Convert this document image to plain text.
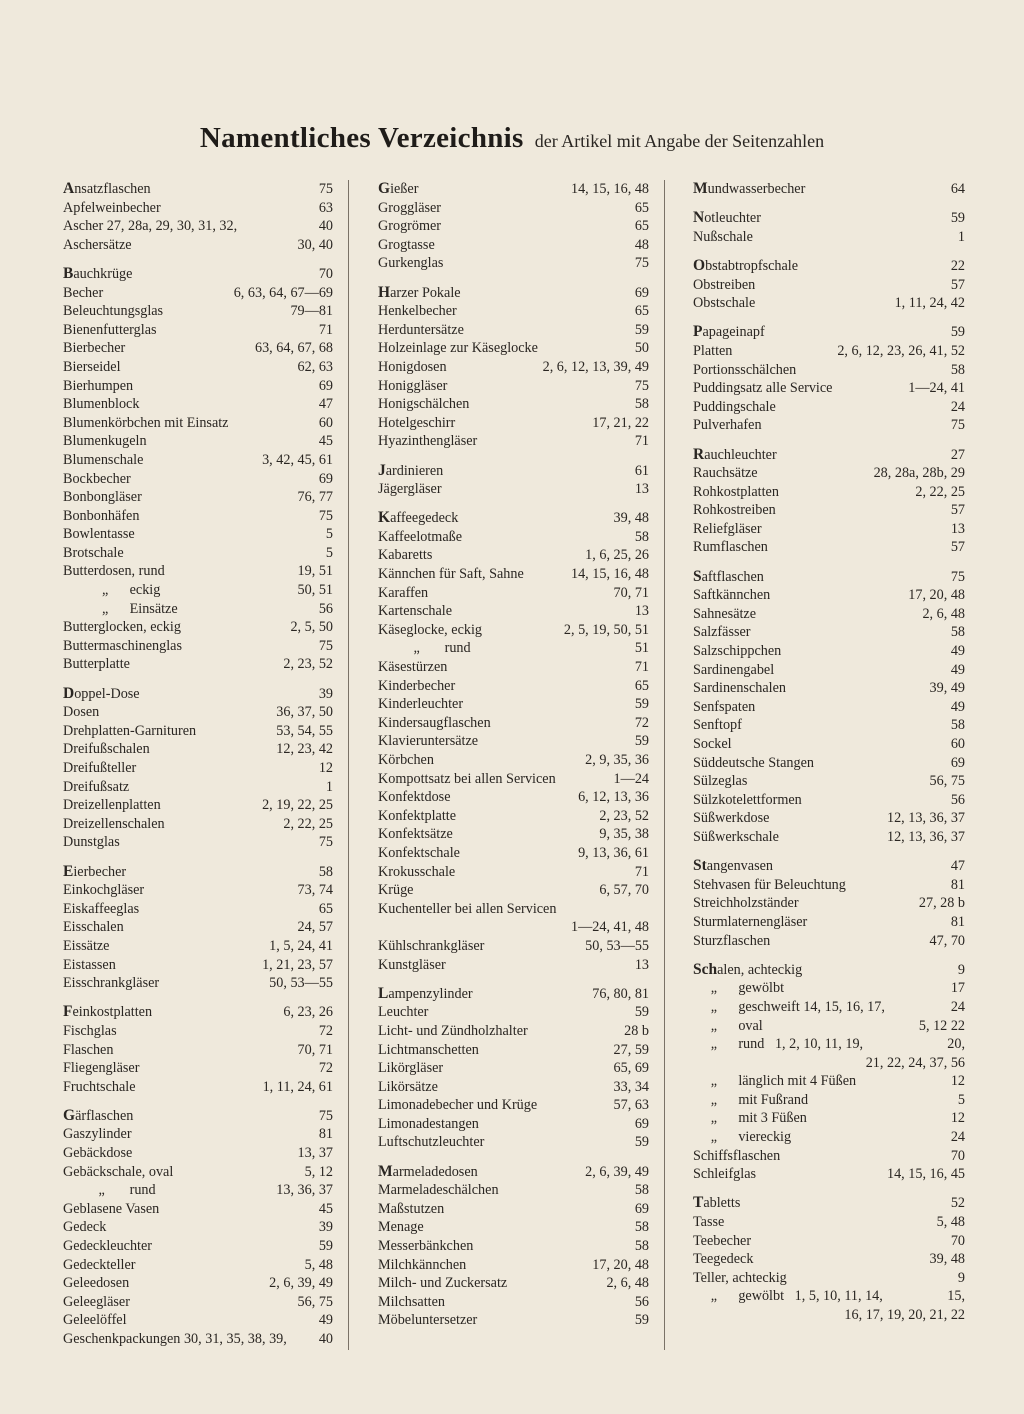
Namentliches Verzeichnis der Artikel mit Angabe der Seitenzahlen
Ansatzflaschen	75
Apfelweinbecher	63
Ascher 27, 28a, 29, 30, 31, 32,	40
Aschersätze	30, 40
Bauchkrüge	70
Becher	6, 63, 64, 67—69
Beleuchtungsglas	79—81
Bienenfutterglas	71
Bierbecher	63, 64, 67, 68
Bierseidel	62, 63
Bierhumpen	69
Blumenblock	47
Blumenkörbchen mit Einsatz	60
Blumenkugeln	45
Blumenschale	3, 42, 45, 61
Bockbecher	69
Bonbongläser	76, 77
Bonbonhäfen	75
Bowlentasse	5
Brotschale	5
Butterdosen, rund	19, 51
„      eckig	50, 51
„      Einsätze	56
Butterglocken, eckig	2, 5, 50
Buttermaschinenglas	75
Butterplatte	2, 23, 52
Doppel-Dose	39
Dosen	36, 37, 50
Drehplatten-Garnituren	53, 54, 55
Dreifußschalen	12, 23, 42
Dreifußteller	12
Dreifußsatz	1
Dreizellenplatten	2, 19, 22, 25
Dreizellenschalen	2, 22, 25
Dunstglas	75
Eierbecher	58
Einkochgläser	73, 74
Eiskaffeeglas	65
Eisschalen	24, 57
Eissätze	1, 5, 24, 41
Eistassen	1, 21, 23, 57
Eisschrankgläser	50, 53—55
Feinkostplatten	6, 23, 26
Fischglas	72
Flaschen	70, 71
Fliegengläser	72
Fruchtschale	1, 11, 24, 61
Gärflaschen	75
Gaszylinder	81
Gebäckdose	13, 37
Gebäckschale, oval	5, 12
„       rund	13, 36, 37
Geblasene Vasen	45
Gedeck	39
Gedeckleuchter	59
Gedeckteller	5, 48
Geleedosen	2, 6, 39, 49
Geleegläser	56, 75
Geleelöffel	49
Geschenkpackungen 30, 31, 35, 38, 39, 40
Gießer	14, 15, 16, 48
Groggläser	65
Grogrömer	65
Grogtasse	48
Gurkenglas	75
Harzer Pokale	69
Henkelbecher	65
Herduntersätze	59
Holzeinlage zur Käseglocke	50
Honigdosen	2, 6, 12, 13, 39, 49
Honiggläser	75
Honigschälchen	58
Hotelgeschirr	17, 21, 22
Hyazinthengläser	71
Jardinieren	61
Jägergläser	13
Kaffeegedeck	39, 48
Kaffeelotmaße	58
Kabaretts	1, 6, 25, 26
Kännchen für Saft, Sahne	14, 15, 16, 48
Karaffen	70, 71
Kartenschale	13
Käseglocke, eckig	2, 5, 19, 50, 51
„       rund	51
Käsestürzen	71
Kinderbecher	65
Kinderleuchter	59
Kindersaugflaschen	72
Klavieruntersätze	59
Körbchen	2, 9, 35, 36
Kompottsatz bei allen Servicen	1—24
Konfektdose	6, 12, 13, 36
Konfektplatte	2, 23, 52
Konfektsätze	9, 35, 38
Konfektschale	9, 13, 36, 61
Krokusschale	71
Krüge	6, 57, 70
Kuchenteller bei allen Servicen
1—24, 41, 48
Kühlschrankgläser	50, 53—55
Kunstgläser	13
Lampenzylinder	76, 80, 81
Leuchter	59
Licht- und Zündholzhalter	28 b
Lichtmanschetten	27, 59
Likörgläser	65, 69
Likörsätze	33, 34
Limonadebecher und Krüge	57, 63
Limonadestangen	69
Luftschutzleuchter	59
Marmeladedosen	2, 6, 39, 49
Marmeladeschälchen	58
Maßstutzen	69
Menage	58
Messerbänkchen	58
Milchkännchen	17, 20, 48
Milch- und Zuckersatz	2, 6, 48
Milchsatten	56
Möbeluntersetzer	59
Mundwasserbecher	64
Notleuchter	59
Nußschale	1
Obstabtropfschale	22
Obstreiben	57
Obstschale	1, 11, 24, 42
Papageinapf	59
Platten	2, 6, 12, 23, 26, 41, 52
Portionsschälchen	58
Puddingsatz alle Service	1—24, 41
Puddingschale	24
Pulverhafen	75
Rauchleuchter	27
Rauchsätze	28, 28a, 28b, 29
Rohkostplatten	2, 22, 25
Rohkostreiben	57
Reliefgläser	13
Rumflaschen	57
Saftflaschen	75
Saftkännchen	17, 20, 48
Sahnesätze	2, 6, 48
Salzfässer	58
Salzschippchen	49
Sardinengabel	49
Sardinenschalen	39, 49
Senfspaten	49
Senftopf	58
Sockel	60
Süddeutsche Stangen	69
Sülzeglas	56, 75
Sülzkotelettformen	56
Süßwerkdose	12, 13, 36, 37
Süßwerkschale	12, 13, 36, 37
Stangenvasen	47
Stehvasen für Beleuchtung	81
Streichholzständer	27, 28 b
Sturmlaternengläser	81
Sturzflaschen	47, 70
Schalen, achteckig	9
„      gewölbt	17
„      geschweift 14, 15, 16, 17,	24
„      oval	5, 12 22
„      rund   1, 2, 10, 11, 19,	20,
21, 22, 24, 37, 56
„      länglich mit 4 Füßen	12
„      mit Fußrand	5
„      mit 3 Füßen	12
„      viereckig	24
Schiffsflaschen	70
Schleifglas	14, 15, 16, 45
Tabletts	52
Tasse	5, 48
Teebecher	70
Teegedeck	39, 48
Teller, achteckig	9
„      gewölbt   1, 5, 10, 11, 14,	15,
16, 17, 19, 20, 21, 22
